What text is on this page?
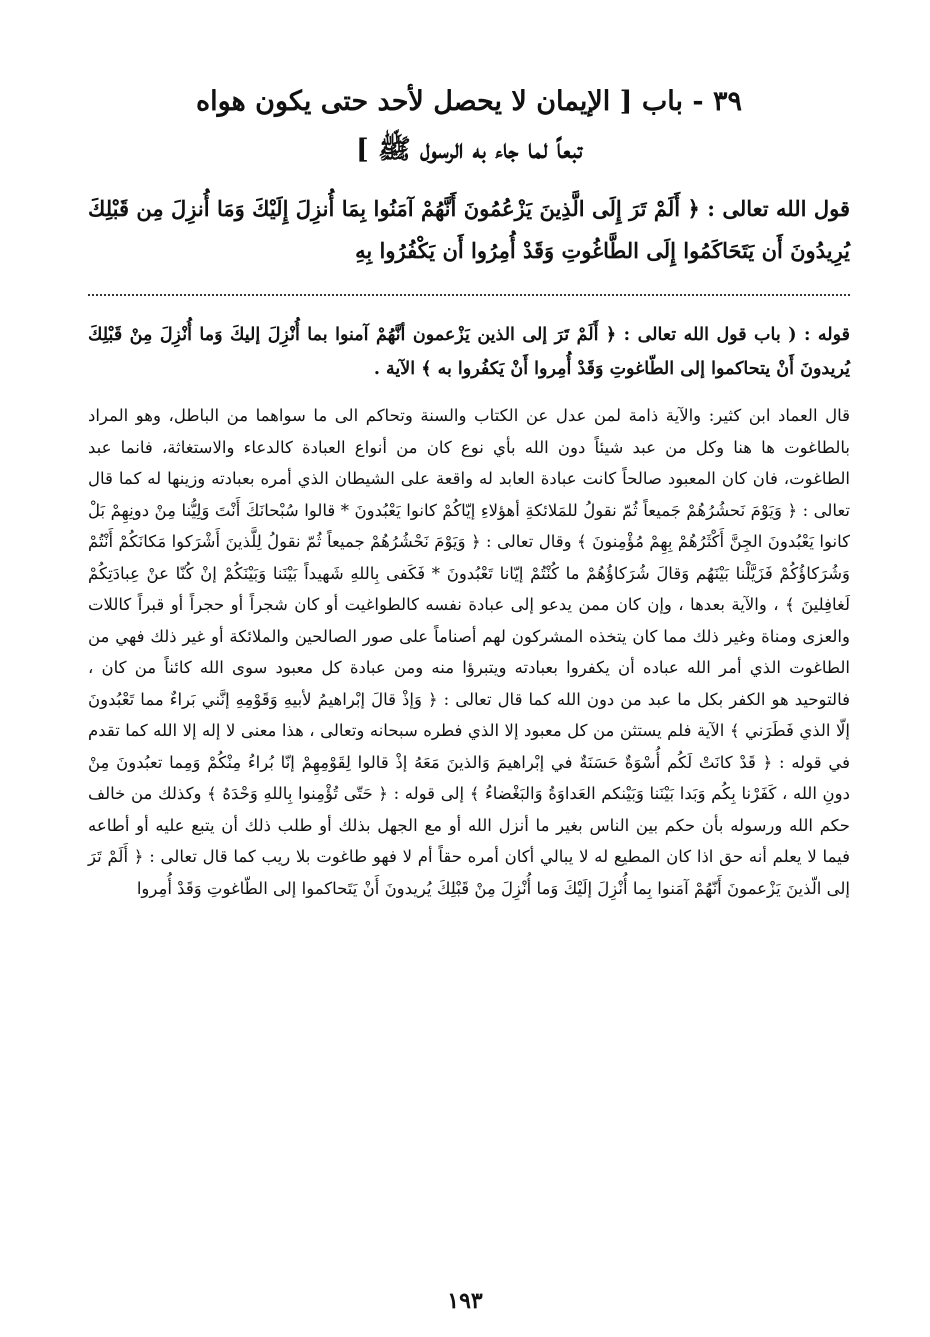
٣٩ - باب [ الإيمان لا يحصل لأحد حتى يكون هواه
تبعاً لما جاء به الرسول ﷺ ]

قول الله تعالى : ﴿ أَلَمْ تَرَ إِلَى الَّذِينَ يَزْعُمُونَ أَنَّهُمْ آمَنُوا بِمَا أُنزِلَ إِلَيْكَ وَمَا أُنزِلَ مِن قَبْلِكَ يُرِيدُونَ أَن يَتَحَاكَمُوا إِلَى الطَّاغُوتِ وَقَدْ أُمِرُوا أَن يَكْفُرُوا بِهِ

قوله : ( باب قول الله تعالى : ﴿ أَلَمْ تَرَ إلى الذين يَزْعمون أنَّهُمْ آمنوا بما أُنْزِلَ إليكَ وَما أُنْزِلَ مِنْ قَبْلِكَ يُريدونَ أَنْ يتحاكموا إلى الطّاغوتِ وَقَدْ أُمِروا أَنْ يَكفُروا به ﴾ الآية .

قال العماد ابن كثير: والآية ذامة لمن عدل عن الكتاب والسنة وتحاكم الى ما سواهما من الباطل، وهو المراد بالطاغوت ها هنا وكل من عبد شيئاً دون الله بأي نوع كان من أنواع العبادة كالدعاء والاستغاثة، فانما عبد الطاغوت، فان كان المعبود صالحاً كانت عبادة العابد له واقعة على الشيطان الذي أمره بعبادته وزينها له كما قال تعالى : ﴿ وَيَوْمَ نَحشُرُهُمْ جَميعاً ثُمّ نقولُ للمَلائكةِ أهؤلاءِ إيّاكُمْ كانوا يَعْبُدونَ * قالوا سُبْحانَكَ أَنْتَ وَلِيُّنا مِنْ دونِهِمْ بَلْ كانوا يَعْبُدونَ الجِنَّ أَكْثَرُهُمْ بِهِمْ مُؤْمِنونَ ﴾ وقال تعالى : ﴿ وَيَوْمَ نَحْشُرُهُمْ جميعاً ثُمّ نقولُ لِلَّذينَ أَشْرَكوا مَكانَكُمْ أَنْتُمْ وَشُرَكاؤُكُمْ فَزَيَّلْنا بَيْنَهُم وَقالَ شُرَكاؤُهُمْ ما كُنْتُمْ إيّانا تَعْبُدونَ * فَكَفى بِاللهِ شَهيداً بَيْنَنا وَبَيْنَكُمْ إنْ كُنّا عنْ عِبادَتِكُمْ لَغافِلينَ ﴾ ، والآية بعدها ، وإن كان ممن يدعو إلى عبادة نفسه كالطواغيت أو كان شجراً أو حجراً أو قبراً كاللات والعزى ومناة وغير ذلك مما كان يتخذه المشركون لهم أصناماً على صور الصالحين والملائكة أو غير ذلك فهي من الطاغوت الذي أمر الله عباده أن يكفروا بعبادته ويتبرؤا منه ومن عبادة كل معبود سوى الله كائناً من كان ، فالتوحيد هو الكفر بكل ما عبد من دون الله كما قال تعالى : ﴿ وَإذْ قالَ إبْراهيمُ لأبيهِ وَقَوْمِهِ إنَّني بَراءٌ مما تَعْبُدونَ إلّا الذي فَطَرَني ﴾ الآية فلم يستثن من كل معبود إلا الذي فطره سبحانه وتعالى ، هذا معنى لا إله إلا الله كما تقدم في قوله : ﴿ قَدْ كانَتْ لَكُم أُسْوَةٌ حَسَنَةٌ في إبْراهيمَ وَالذينَ مَعَهُ إذْ قالوا لِقَوْمِهِمْ إنّا بُراءُ مِنْكُمْ وَمِما تعبُدونَ مِنْ دونِ الله ، كَفَرْنا بِكُم وَبَدا بَيْنَنا وَبَيْنكم العَداوَةُ وَالبَغْضاءُ ﴾ إلى قوله : ﴿ حَتّى تُؤْمِنوا بِاللهِ وَحْدَهُ ﴾ وكذلك من خالف حكم الله ورسوله بأن حكم بين الناس بغير ما أنزل الله أو مع الجهل بذلك أو طلب ذلك أن يتبع عليه أو أطاعه فيما لا يعلم أنه حق اذا كان المطيع له لا يبالي أكان أمره حقاً أم لا فهو طاغوت بلا ريب كما قال تعالى : ﴿ أَلَمْ تَرَ إلى الّذينَ يَزْعمونَ أَنّهُمْ آمَنوا بِما أُنْزِلَ إلَيْكَ وَما أُنْزِلَ مِنْ قَبْلِكَ يُريدونَ أَنْ يَتَحاكموا إلى الطّاغوتِ وَقَدْ أُمِروا

١٩٣
